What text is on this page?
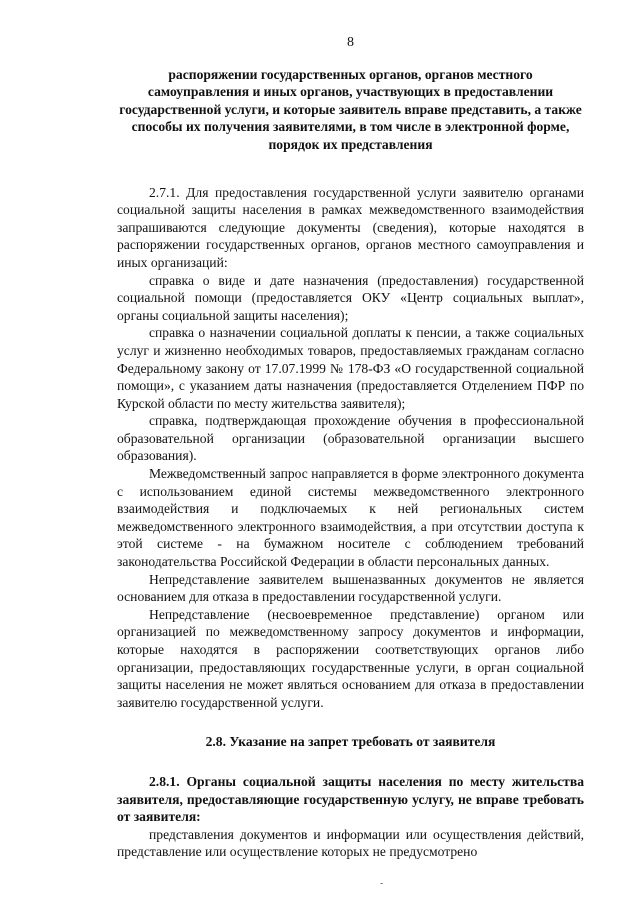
8

распоряжении государственных органов, органов местного самоуправления и иных органов, участвующих в предоставлении государственной услуги, и которые заявитель вправе представить, а также способы их получения заявителями, в том числе в электронной форме, порядок их представления

2.7.1. Для предоставления государственной услуги заявителю органами социальной защиты населения в рамках межведомственного взаимодействия запрашиваются следующие документы (сведения), которые находятся в распоряжении государственных органов, органов местного самоуправления и иных организаций:

справка о виде и дате назначения (предоставления) государственной социальной помощи (предоставляется ОКУ «Центр социальных выплат», органы социальной защиты населения);

справка о назначении социальной доплаты к пенсии, а также социальных услуг и жизненно необходимых товаров, предоставляемых гражданам согласно Федеральному закону от 17.07.1999 № 178-ФЗ «О государственной социальной помощи», с указанием даты назначения (предоставляется Отделением ПФР по Курской области по месту жительства заявителя);

справка, подтверждающая прохождение обучения в профессиональной образовательной организации (образовательной организации высшего образования).

Межведомственный запрос направляется в форме электронного документа с использованием единой системы межведомственного электронного взаимодействия и подключаемых к ней региональных систем межведомственного электронного взаимодействия, а при отсутствии доступа к этой системе - на бумажном носителе с соблюдением требований законодательства Российской Федерации в области персональных данных.

Непредставление заявителем вышеназванных документов не является основанием для отказа в предоставлении государственной услуги.

Непредставление (несвоевременное представление) органом или организацией по межведомственному запросу документов и информации, которые находятся в распоряжении соответствующих органов либо организации, предоставляющих государственные услуги, в орган социальной защиты населения не может являться основанием для отказа в предоставлении заявителю государственной услуги.

2.8. Указание на запрет требовать от заявителя

2.8.1. Органы социальной защиты населения по месту жительства заявителя, предоставляющие государственную услугу, не вправе требовать от заявителя:

представления документов и информации или осуществления действий, представление или осуществление которых не предусмотрено

-
